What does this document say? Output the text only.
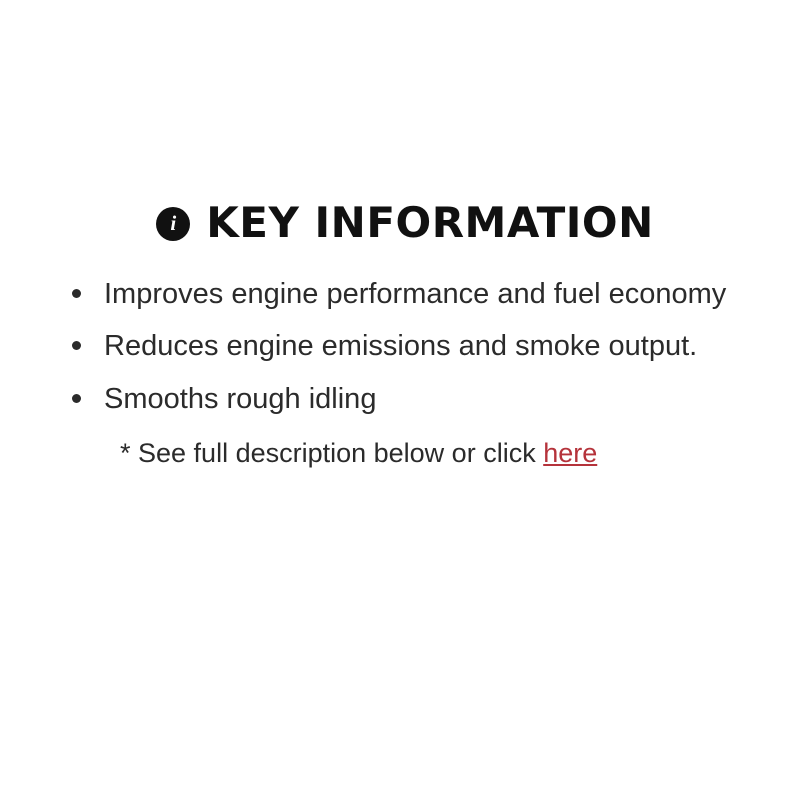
i KEY INFORMATION
Improves engine performance and fuel economy
Reduces engine emissions and smoke output.
Smooths rough idling

* See full description below or click here
